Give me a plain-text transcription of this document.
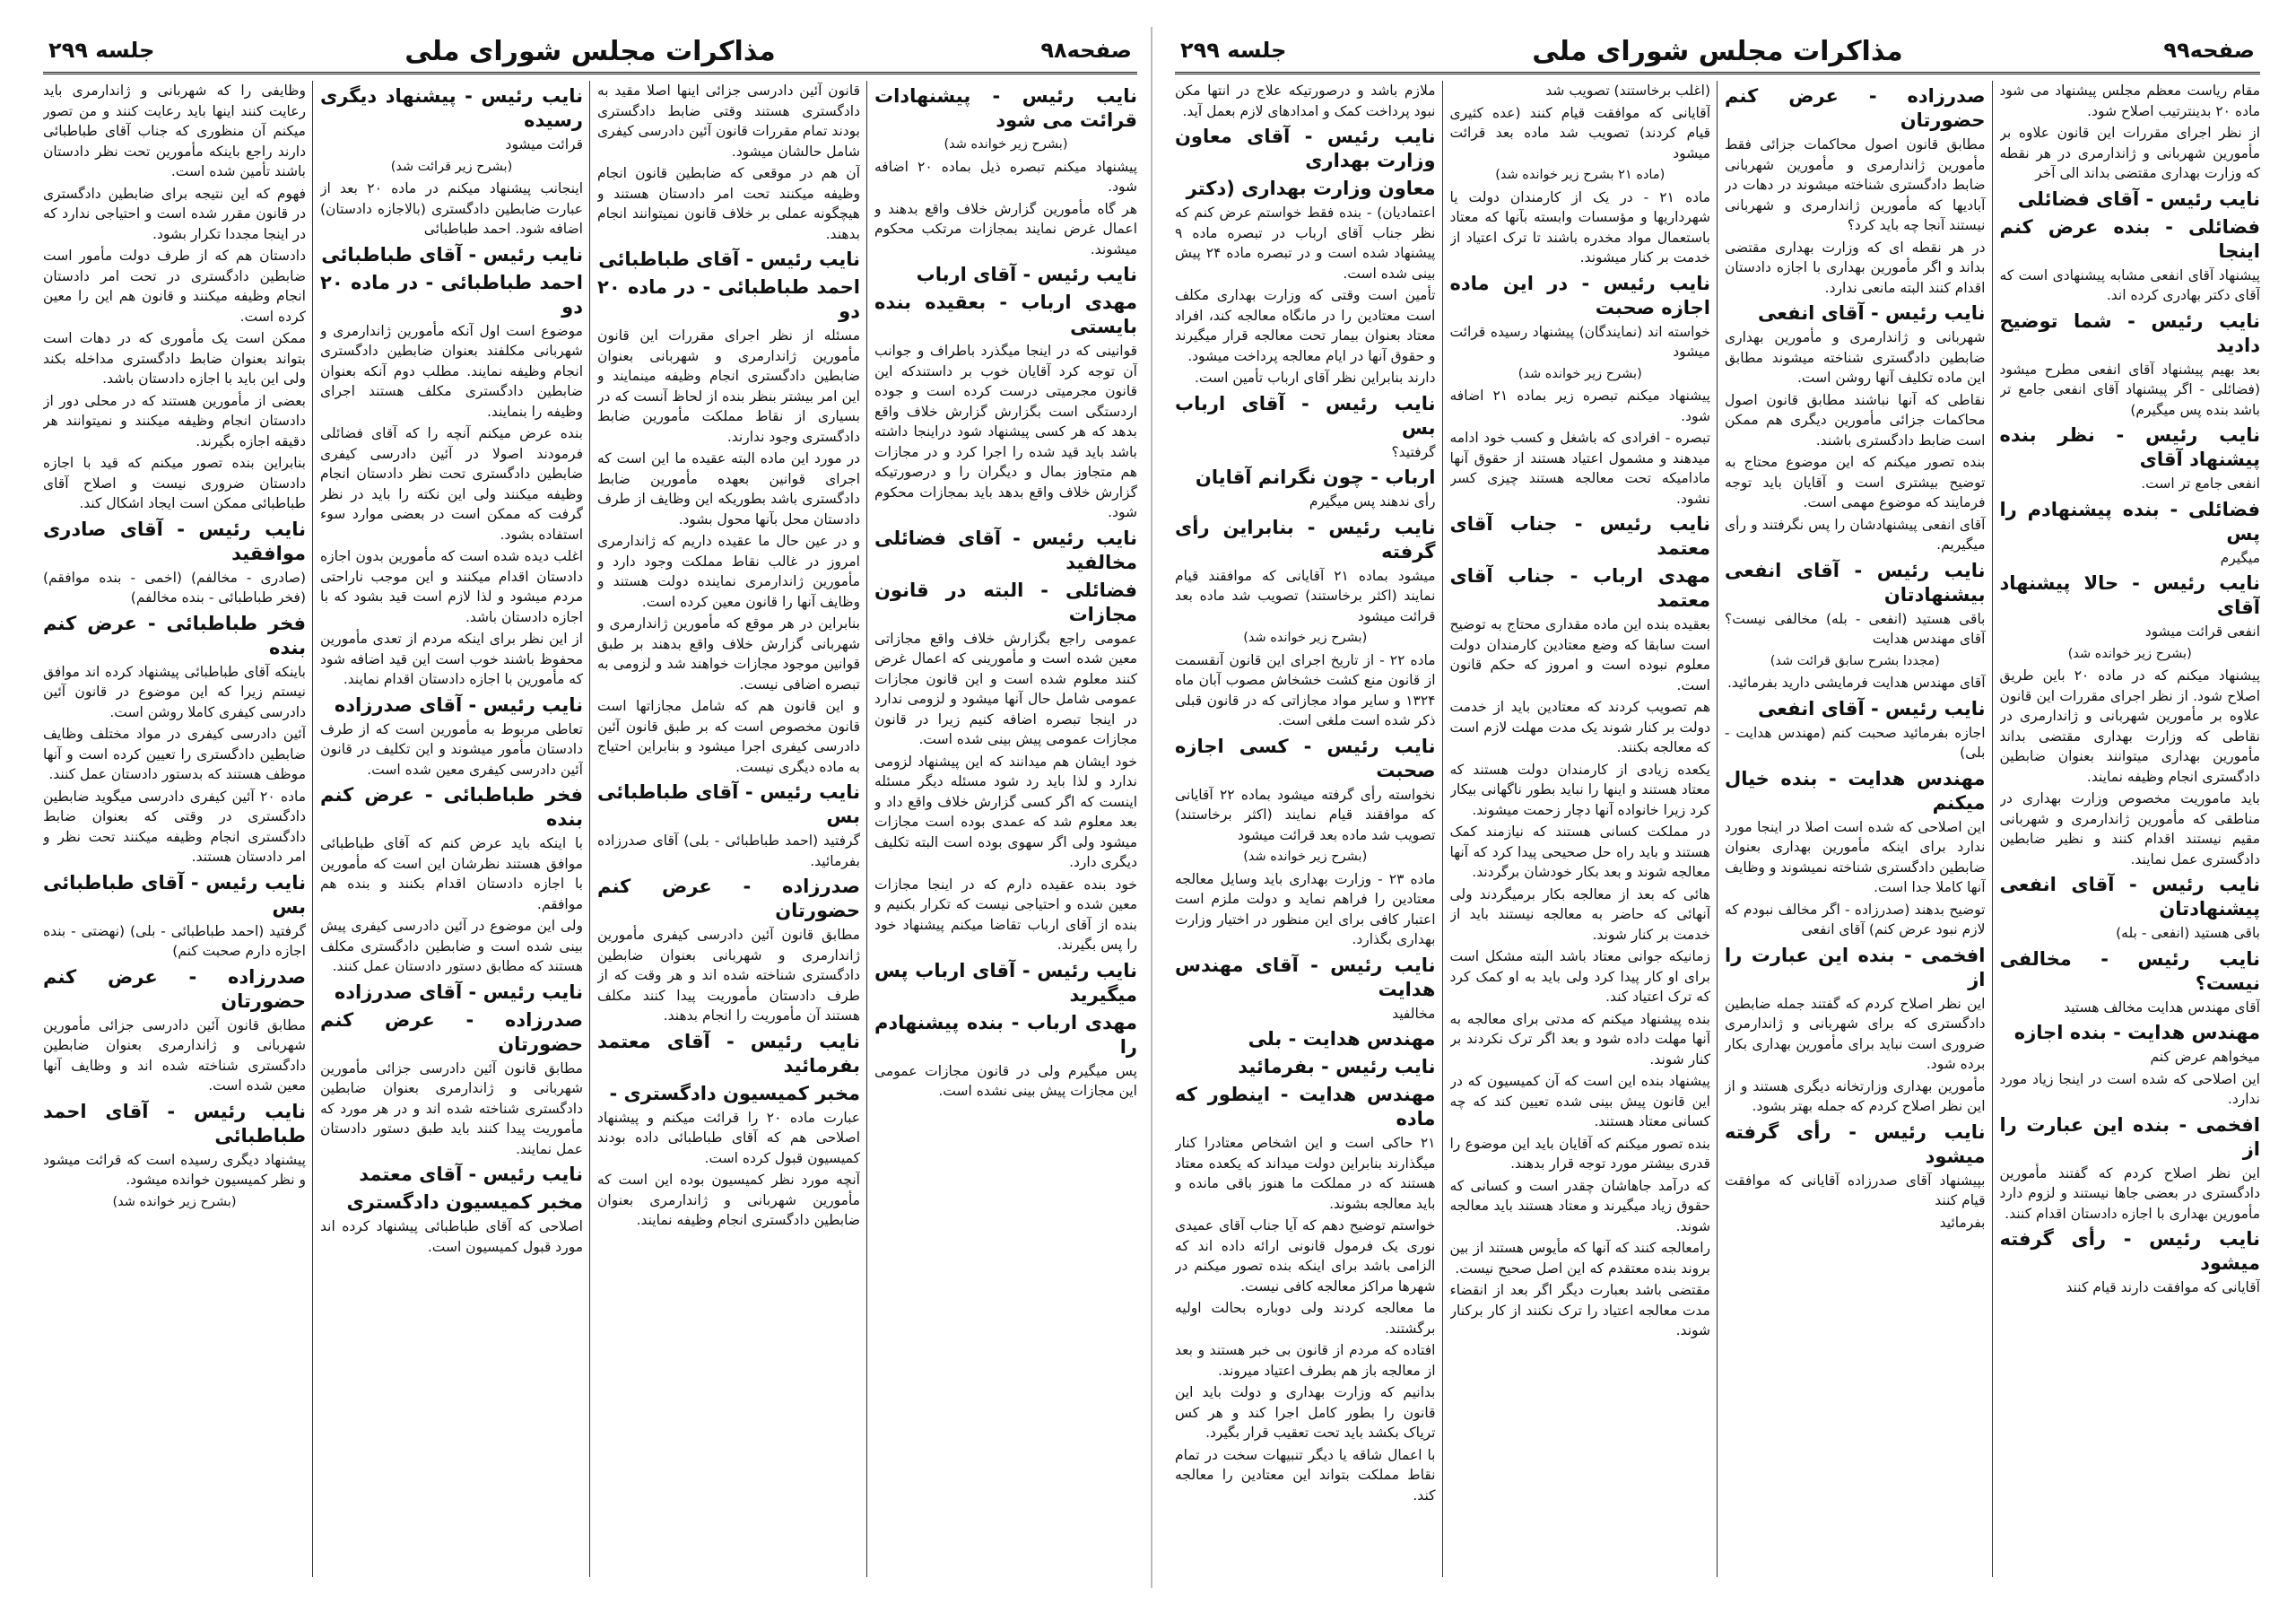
صفحه۹۸
مذاکرات مجلس شورای ملی
جلسه ۲۹۹
نایب رئیس - پیشنهادات قرائت می شود
(بشرح زیر خوانده شد)
پیشنهاد میکنم تبصره ذیل بماده ۲۰ اضافه شود.
هر گاه مأمورین گزارش خلاف واقع بدهند و اعمال غرض نمایند بمجازات مرتکب محکوم میشوند.
نایب رئیس - آقای ارباب
مهدی ارباب - بعقیده بنده بایستی
قوانینی که در اینجا میگذرد باطراف و جوانب آن توجه کرد آقایان خوب بر داستندکه این قانون مجرمیتی درست کرده است و جوده اردستگی است بگزارش گزارش خلاف واقع بدهد که هر کسی پیشنهاد شود دراینجا داشته باشد باید قید شده را اجرا کرد و در مجازات هم متجاوز بمال و دیگران را و درصورتیکه گزارش خلاف واقع بدهد باید بمجازات محکوم شود.
نایب رئیس - آقای فضائلی مخالفید
فضائلی - البته در قانون مجازات
عمومی راجع بگزارش خلاف واقع مجازاتی معین شده است و مأمورینی که اعمال غرض کنند معلوم شده است و این قانون مجازات عمومی شامل حال آنها میشود و لزومی ندارد در اینجا تبصره اضافه کنیم زیرا در قانون مجازات عمومی پیش بینی شده است.
خود ایشان هم میدانند که این پیشنهاد لزومی ندارد و لذا باید رد شود مسئله دیگر مسئله اینست که اگر کسی گزارش خلاف واقع داد و بعد معلوم شد که عمدی بوده است مجازات میشود ولی اگر سهوی بوده است البته تکلیف دیگری دارد.
خود بنده عقیده دارم که در اینجا مجازات معین شده و احتیاجی نیست که تکرار بکنیم و بنده از آقای ارباب تقاضا میکنم پیشنهاد خود را پس بگیرند.
نایب رئیس - آقای ارباب پس میگیرید
مهدی ارباب - بنده پیشنهادم را
پس میگیرم ولی در قانون مجازات عمومی این مجازات پیش بینی نشده است.
قانون آئین دادرسی جزائی اینها اصلا مقید به دادگستری هستند وقتی ضابط دادگستری بودند تمام مقررات قانون آئین دادرسی کیفری شامل حالشان میشود.
آن هم در موقعی که ضابطین قانون انجام وظیفه میکنند تحت امر دادستان هستند و هیچگونه عملی بر خلاف قانون نمیتوانند انجام بدهند.
نایب رئیس - آقای طباطبائی
احمد طباطبائی - در ماده ۲۰ دو
مسئله از نظر اجرای مقررات این قانون مأمورین ژاندارمری و شهربانی بعنوان ضابطین دادگستری انجام وظیفه مینمایند و این امر بیشتر بنظر بنده از لحاظ آنست که در بسیاری از نقاط مملکت مأمورین ضابط دادگستری وجود ندارند.
در مورد این ماده البته عقیده ما این است که اجرای قوانین بعهده مأمورین ضابط دادگستری باشد بطوریکه این وظایف از طرف دادستان محل بآنها محول بشود.
و در عین حال ما عقیده داریم که ژاندارمری امروز در غالب نقاط مملکت وجود دارد و مأمورین ژاندارمری نماینده دولت هستند و وظایف آنها را قانون معین کرده است.
بنابراین در هر موقع که مأمورین ژاندارمری و شهربانی گزارش خلاف واقع بدهند بر طبق قوانین موجود مجازات خواهند شد و لزومی به تبصره اضافی نیست.
و این قانون هم که شامل مجازاتها است قانون مخصوص است که بر طبق قانون آئین دادرسی کیفری اجرا میشود و بنابراین احتیاج به ماده دیگری نیست.
نایب رئیس - آقای طباطبائی بس
گرفتید (احمد طباطبائی - بلی) آقای صدرزاده بفرمائید.
صدرزاده - عرض کنم حضورتان
مطابق قانون آئین دادرسی کیفری مأمورین ژاندارمری و شهربانی بعنوان ضابطین دادگستری شناخته شده اند و هر وقت که از طرف دادستان مأموریت پیدا کنند مکلف هستند آن مأموریت را انجام بدهند.
نایب رئیس - آقای معتمد بفرمائید
مخبر کمیسیون دادگستری -
عبارت ماده ۲۰ را قرائت میکنم و پیشنهاد اصلاحی هم که آقای طباطبائی داده بودند کمیسیون قبول کرده است.
آنچه مورد نظر کمیسیون بوده این است که مأمورین شهربانی و ژاندارمری بعنوان ضابطین دادگستری انجام وظیفه نمایند.
نایب رئیس - پیشنهاد دیگری رسیده
قرائت میشود
(بشرح زیر قرائت شد)
اینجانب پیشنهاد میکنم در ماده ۲۰ بعد از عبارت ضابطین دادگستری (بالاجازه دادستان) اضافه شود. احمد طباطبائی
نایب رئیس - آقای طباطبائی
احمد طباطبائی - در ماده ۲۰ دو
موضوع است اول آنکه مأمورین ژاندارمری و شهربانی مکلفند بعنوان ضابطین دادگستری انجام وظیفه نمایند. مطلب دوم آنکه بعنوان ضابطین دادگستری مکلف هستند اجرای وظیفه را بنمایند.
بنده عرض میکنم آنچه را که آقای فضائلی فرمودند اصولا در آئین دادرسی کیفری ضابطین دادگستری تحت نظر دادستان انجام وظیفه میکنند ولی این نکته را باید در نظر گرفت که ممکن است در بعضی موارد سوء استفاده بشود.
اغلب دیده شده است که مأمورین بدون اجازه دادستان اقدام میکنند و این موجب ناراحتی مردم میشود و لذا لازم است قید بشود که با اجازه دادستان باشد.
از این نظر برای اینکه مردم از تعدی مأمورین محفوظ باشند خوب است این قید اضافه شود که مأمورین با اجازه دادستان اقدام نمایند.
نایب رئیس - آقای صدرزاده
تعاطی مربوط به مأمورین است که از طرف دادستان مأمور میشوند و این تکلیف در قانون آئین دادرسی کیفری معین شده است.
فخر طباطبائی - عرض کنم بنده
با اینکه باید عرض کنم که آقای طباطبائی موافق هستند نظرشان این است که مأمورین با اجازه دادستان اقدام بکنند و بنده هم موافقم.
ولی این موضوع در آئین دادرسی کیفری پیش بینی شده است و ضابطین دادگستری مکلف هستند که مطابق دستور دادستان عمل کنند.
نایب رئیس - آقای صدرزاده
صدرزاده - عرض کنم حضورتان
مطابق قانون آئین دادرسی جزائی مأمورین شهربانی و ژاندارمری بعنوان ضابطین دادگستری شناخته شده اند و در هر مورد که مأموریت پیدا کنند باید طبق دستور دادستان عمل نمایند.
نایب رئیس - آقای معتمد
مخبر کمیسیون دادگستری
اصلاحی که آقای طباطبائی پیشنهاد کرده اند مورد قبول کمیسیون است.
وظایفی را که شهربانی و ژاندارمری باید رعایت کنند اینها باید رعایت کنند و من تصور میکنم آن منظوری که جناب آقای طباطبائی دارند راجع باینکه مأمورین تحت نظر دادستان باشند تأمین شده است.
فهوم که این نتیجه برای ضابطین دادگستری در قانون مقرر شده است و احتیاجی ندارد که در اینجا مجددا تکرار بشود.
دادستان هم که از طرف دولت مأمور است ضابطین دادگستری در تحت امر دادستان انجام وظیفه میکنند و قانون هم این را معین کرده است.
ممکن است یک مأموری که در دهات است بتواند بعنوان ضابط دادگستری مداخله بکند ولی این باید با اجازه دادستان باشد.
بعضی از مأمورین هستند که در محلی دور از دادستان انجام وظیفه میکنند و نمیتوانند هر دقیقه اجازه بگیرند.
بنابراین بنده تصور میکنم که قید با اجازه دادستان ضروری نیست و اصلاح آقای طباطبائی ممکن است ایجاد اشکال کند.
نایب رئیس - آقای صادری موافقید
(صادری - مخالفم) (اخمی - بنده موافقم) (فخر طباطبائی - بنده مخالفم)
فخر طباطبائی - عرض کنم بنده
باینکه آقای طباطبائی پیشنهاد کرده اند موافق نیستم زیرا که این موضوع در قانون آئین دادرسی کیفری کاملا روشن است.
آئین دادرسی کیفری در مواد مختلف وظایف ضابطین دادگستری را تعیین کرده است و آنها موظف هستند که بدستور دادستان عمل کنند.
ماده ۲۰ آئین کیفری دادرسی میگوید ضابطین دادگستری در وقتی که بعنوان ضابط دادگستری انجام وظیفه میکنند تحت نظر و امر دادستان هستند.
نایب رئیس - آقای طباطبائی بس
گرفتید (احمد طباطبائی - بلی) (نهضتی - بنده اجازه دارم صحبت کنم)
صدرزاده - عرض کنم حضورتان
مطابق قانون آئین دادرسی جزائی مأمورین شهربانی و ژاندارمری بعنوان ضابطین دادگستری شناخته شده اند و وظایف آنها معین شده است.
نایب رئیس - آقای احمد طباطبائی
پیشنهاد دیگری رسیده است که قرائت میشود و نظر کمیسیون خوانده میشود.
(بشرح زیر خوانده شد)
صفحه۹۹
مذاکرات مجلس شورای ملی
جلسه ۲۹۹
مقام ریاست معظم مجلس پیشنهاد می شود ماده ۲۰ بدینترتیب اصلاح شود.
از نظر اجرای مقررات این قانون علاوه بر مأمورین شهربانی و ژاندارمری در هر نقطه که وزارت بهداری مقتضی بداند الی آخر
نایب رئیس - آقای فضائلی
فضائلی - بنده عرض کنم اینجا
پیشنهاد آقای انفعی مشابه پیشنهادی است که آقای دکتر بهادری کرده اند.
نایب رئیس - شما توضیح دادید
بعد بهیم پیشنهاد آقای انفعی مطرح میشود (فضائلی - اگر پیشنهاد آقای انفعی جامع تر باشد بنده پس میگیرم)
نایب رئیس - نظر بنده پیشنهاد آقای
انفعی جامع تر است.
فضائلی - بنده پیشنهادم را پس
میگیرم
نایب رئیس - حالا پیشنهاد آقای
انفعی قرائت میشود
(بشرح زیر خوانده شد)
پیشنهاد میکنم که در ماده ۲۰ باین طریق اصلاح شود. از نظر اجرای مقررات این قانون علاوه بر مأمورین شهربانی و ژاندارمری در نقاطی که وزارت بهداری مقتضی بداند مأمورین بهداری میتوانند بعنوان ضابطین دادگستری انجام وظیفه نمایند.
باید ماموریت مخصوص وزارت بهداری در مناطقی که مأمورین ژاندارمری و شهربانی مقیم نیستند اقدام کنند و نظیر ضابطین دادگستری عمل نمایند.
نایب رئیس - آقای انفعی پیشنهادتان
باقی هستید (انفعی - بله)
نایب رئیس - مخالفی نیست؟
آقای مهندس هدایت مخالف هستید
مهندس هدایت - بنده اجازه
میخواهم عرض کنم
این اصلاحی که شده است در اینجا زیاد مورد ندارد.
افخمی - بنده این عبارت را از
این نظر اصلاح کردم که گفتند مأمورین دادگستری در بعضی جاها نیستند و لزوم دارد مأمورین بهداری با اجازه دادستان اقدام کنند.
نایب رئیس - رأی گرفته میشود
آقایانی که موافقت دارند قیام کنند
صدرزاده - عرض کنم حضورتان
مطابق قانون اصول محاکمات جزائی فقط مأمورین ژاندارمری و مأمورین شهربانی ضابط دادگستری شناخته میشوند در دهات در آبادیها که مأمورین ژاندارمری و شهربانی نیستند آنجا چه باید کرد؟
در هر نقطه ای که وزارت بهداری مقتضی بداند و اگر مأمورین بهداری با اجازه دادستان اقدام کنند البته مانعی ندارد.
نایب رئیس - آقای انفعی
شهربانی و ژاندارمری و مأمورین بهداری ضابطین دادگستری شناخته میشوند مطابق این ماده تکلیف آنها روشن است.
نقاطی که آنها نباشند مطابق قانون اصول محاکمات جزائی مأمورین دیگری هم ممکن است ضابط دادگستری باشند.
بنده تصور میکنم که این موضوع محتاج به توضیح بیشتری است و آقایان باید توجه فرمایند که موضوع مهمی است.
آقای انفعی پیشنهادشان را پس نگرفتند و رأی میگیریم.
نایب رئیس - آقای انفعی بیشنهادتان
باقی هستید (انفعی - بله) مخالفی نیست؟ آقای مهندس هدایت
(مجددا بشرح سابق قرائت شد)
آقای مهندس هدایت فرمایشی دارید بفرمائید.
نایب رئیس - آقای انفعی
اجازه بفرمائید صحبت کنم (مهندس هدایت - بلی)
مهندس هدایت - بنده خیال میکنم
این اصلاحی که شده است اصلا در اینجا مورد ندارد برای اینکه مأمورین بهداری بعنوان ضابطین دادگستری شناخته نمیشوند و وظایف آنها کاملا جدا است.
توضیح بدهند (صدرزاده - اگر مخالف نبودم که لازم نبود عرض کنم) آقای انفعی
افخمی - بنده این عبارت را از
این نظر اصلاح کردم که گفتند جمله ضابطین دادگستری که برای شهربانی و ژاندارمری ضروری است نباید برای مأمورین بهداری بکار برده شود.
مأمورین بهداری وزارتخانه دیگری هستند و از این نظر اصلاح کردم که جمله بهتر بشود.
نایب رئیس - رأی گرفته میشود
بپیشنهاد آقای صدرزاده آقایانی که موافقت قیام کنند
بفرمائید
(اغلب برخاستند) تصویب شد
آقایانی که موافقت قیام کنند (عده کثیری قیام کردند) تصویب شد ماده بعد قرائت میشود
(ماده ۲۱ بشرح زیر خوانده شد)
ماده ۲۱ - در یک از کارمندان دولت یا شهرداریها و مؤسسات وابسته بآنها که معتاد باستعمال مواد مخدره باشند تا ترک اعتیاد از خدمت بر کنار میشوند.
نایب رئیس - در این ماده اجازه صحبت
خواسته اند (نمایندگان) پیشنهاد رسیده قرائت میشود
(بشرح زیر خوانده شد)
پیشنهاد میکنم تبصره زیر بماده ۲۱ اضافه شود.
تبصره - افرادی که باشغل و کسب خود ادامه میدهند و مشمول اعتیاد هستند از حقوق آنها مادامیکه تحت معالجه هستند چیزی کسر نشود.
نایب رئیس - جناب آقای معتمد
مهدی ارباب - جناب آقای معتمد
بعقیده بنده این ماده مقداری محتاج به توضیح است سابقا که وضع معتادین کارمندان دولت معلوم نبوده است و امروز که حکم قانون است.
هم تصویب کردند که معتادین باید از خدمت دولت بر کنار شوند یک مدت مهلت لازم است که معالجه بکنند.
یکعده زیادی از کارمندان دولت هستند که معتاد هستند و اینها را نباید بطور ناگهانی بیکار کرد زیرا خانواده آنها دچار زحمت میشوند.
در مملکت کسانی هستند که نیازمند کمک هستند و باید راه حل صحیحی پیدا کرد که آنها معالجه شوند و بعد بکار خودشان برگردند.
هائی که بعد از معالجه بکار برمیگردند ولی آنهائی که حاضر به معالجه نیستند باید از خدمت بر کنار شوند.
زمانیکه جوانی معتاد باشد البته مشکل است برای او کار پیدا کرد ولی باید به او کمک کرد که ترک اعتیاد کند.
بنده پیشنهاد میکنم که مدتی برای معالجه به آنها مهلت داده شود و بعد اگر ترک نکردند بر کنار شوند.
پیشنهاد بنده این است که آن کمیسیون که در این قانون پیش بینی شده تعیین کند که چه کسانی معتاد هستند.
بنده تصور میکنم که آقایان باید این موضوع را قدری بیشتر مورد توجه قرار بدهند.
که درآمد جاهاشان چقدر است و کسانی که حقوق زیاد میگیرند و معتاد هستند باید معالجه شوند.
رامعالجه کنند که آنها که مأیوس هستند از بین بروند بنده معتقدم که این اصل صحیح نیست.
مقتضی باشد بعبارت دیگر اگر بعد از انقضاء مدت معالجه اعتیاد را ترک نکنند از کار برکنار شوند.
ملازم باشد و درصورتیکه علاج در انتها مکن نبود پرداخت کمک و امدادهای لازم بعمل آید.
نایب رئیس - آقای معاون وزارت بهداری
معاون وزارت بهداری (دکتر
اعتمادیان) - بنده فقط خواستم عرض کنم که نظر جناب آقای ارباب در تبصره ماده ۹ پیشنهاد شده است و در تبصره ماده ۲۴ پیش بینی شده است.
تأمین است وقتی که وزارت بهداری مکلف است معتادین را در مانگاه معالجه کند، افراد معتاد بعنوان بیمار تحت معالجه قرار میگیرند و حقوق آنها در ایام معالجه پرداخت میشود.
دارند بنابراین نظر آقای ارباب تأمین است.
نایب رئیس - آقای ارباب بس
گرفتید؟
ارباب - چون نگرانم آقایان
رأی ندهند پس میگیرم
نایب رئیس - بنابراین رأی گرفته
میشود بماده ۲۱ آقایانی که موافقند قیام نمایند (اکثر برخاستند) تصویب شد ماده بعد قرائت میشود
(بشرح زیر خوانده شد)
ماده ۲۲ - از تاریخ اجرای این قانون آنقسمت از قانون منع کشت خشخاش مصوب آبان ماه ۱۳۲۴ و سایر مواد مجازاتی که در قانون قبلی ذکر شده است ملغی است.
نایب رئیس - کسی اجازه صحبت
نخواسته رأی گرفته میشود بماده ۲۲ آقایانی که موافقند قیام نمایند (اکثر برخاستند) تصویب شد ماده بعد قرائت میشود
(بشرح زیر خوانده شد)
ماده ۲۳ - وزارت بهداری باید وسایل معالجه معتادین را فراهم نماید و دولت ملزم است اعتبار کافی برای این منظور در اختیار وزارت بهداری بگذارد.
نایب رئیس - آقای مهندس هدایت
مخالفید
مهندس هدایت - بلی
نایب رئیس - بفرمائید
مهندس هدایت - اینطور که ماده
۲۱ حاکی است و این اشخاص معتادرا کنار میگذارند بنابراین دولت میداند که یکعده معتاد هستند که در مملکت ما هنوز باقی مانده و باید معالجه بشوند.
خواستم توضیح دهم که آیا جناب آقای عمیدی نوری یک فرمول قانونی ارائه داده اند که الزامی باشد برای اینکه بنده تصور میکنم در شهرها مراکز معالجه کافی نیست.
ما معالجه کردند ولی دوباره بحالت اولیه برگشتند.
افتاده که مردم از قانون بی خبر هستند و بعد از معالجه باز هم بطرف اعتیاد میروند.
بدانیم که وزارت بهداری و دولت باید این قانون را بطور کامل اجرا کند و هر کس تریاک بکشد باید تحت تعقیب قرار بگیرد.
با اعمال شاقه یا دیگر تنبیهات سخت در تمام نقاط مملکت بتواند این معتادین را معالجه کند.
